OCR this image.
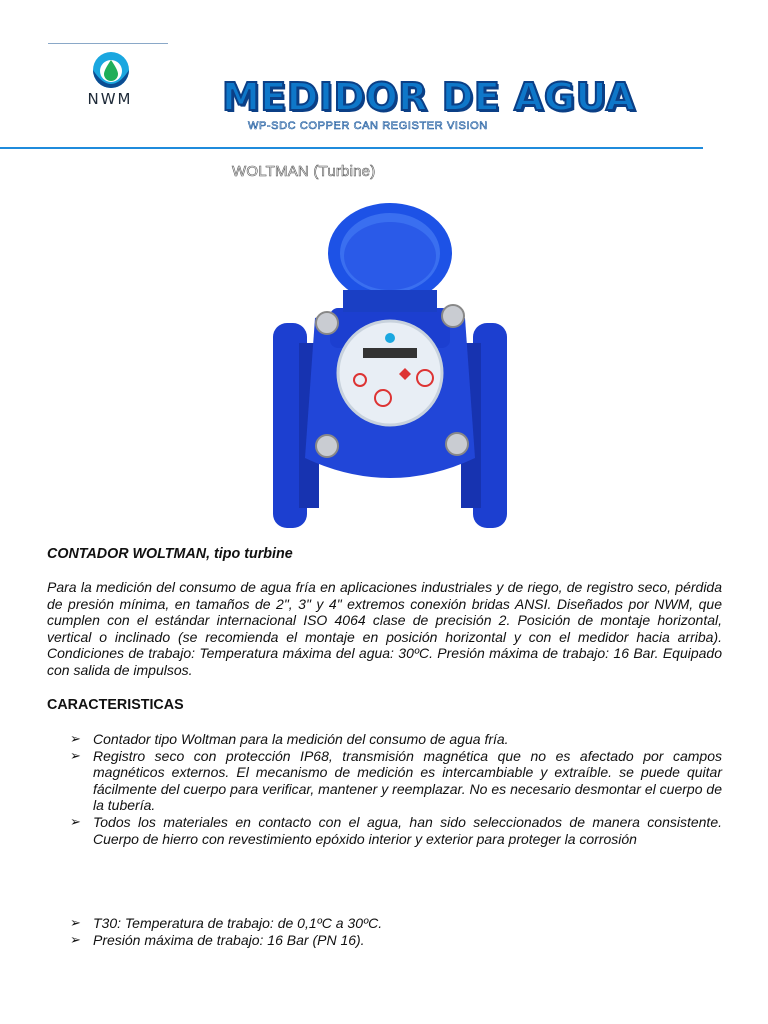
NWM	MEDIDOR DE AGUA
WP-SDC COPPER CAN REGISTER VISION
WOLTMAN (Turbine)
CONTADOR WOLTMAN, tipo turbine
Para la medición del consumo de agua fría en aplicaciones industriales y de riego, de registro seco, pérdida de presión mínima, en tamaños de 2", 3" y 4" extremos conexión bridas ANSI. Diseñados por NWM, que cumplen con el estándar internacional ISO 4064 clase de precisión 2. Posición de montaje horizontal, vertical o inclinado (se recomienda el montaje en posición horizontal y con el medidor hacia arriba). Condiciones de trabajo: Temperatura máxima del agua: 30ºC. Presión máxima de trabajo: 16 Bar. Equipado con salida de impulsos.
CARACTERISTICAS
➢ Contador tipo Woltman para la medición del consumo de agua fría.
➢ Registro seco con protección IP68, transmisión magnética que no es afectado por campos magnéticos externos. El mecanismo de medición es intercambiable y extraíble. se puede quitar fácilmente del cuerpo para verificar, mantener y reemplazar. No es necesario desmontar el cuerpo de la tubería.
➢ Todos los materiales en contacto con el agua, han sido seleccionados de manera consistente. Cuerpo de hierro con revestimiento epóxido interior y exterior para proteger la corrosión
➢ T30: Temperatura de trabajo: de 0,1ºC a 30ºC.
➢ Presión máxima de trabajo: 16 Bar (PN 16).
